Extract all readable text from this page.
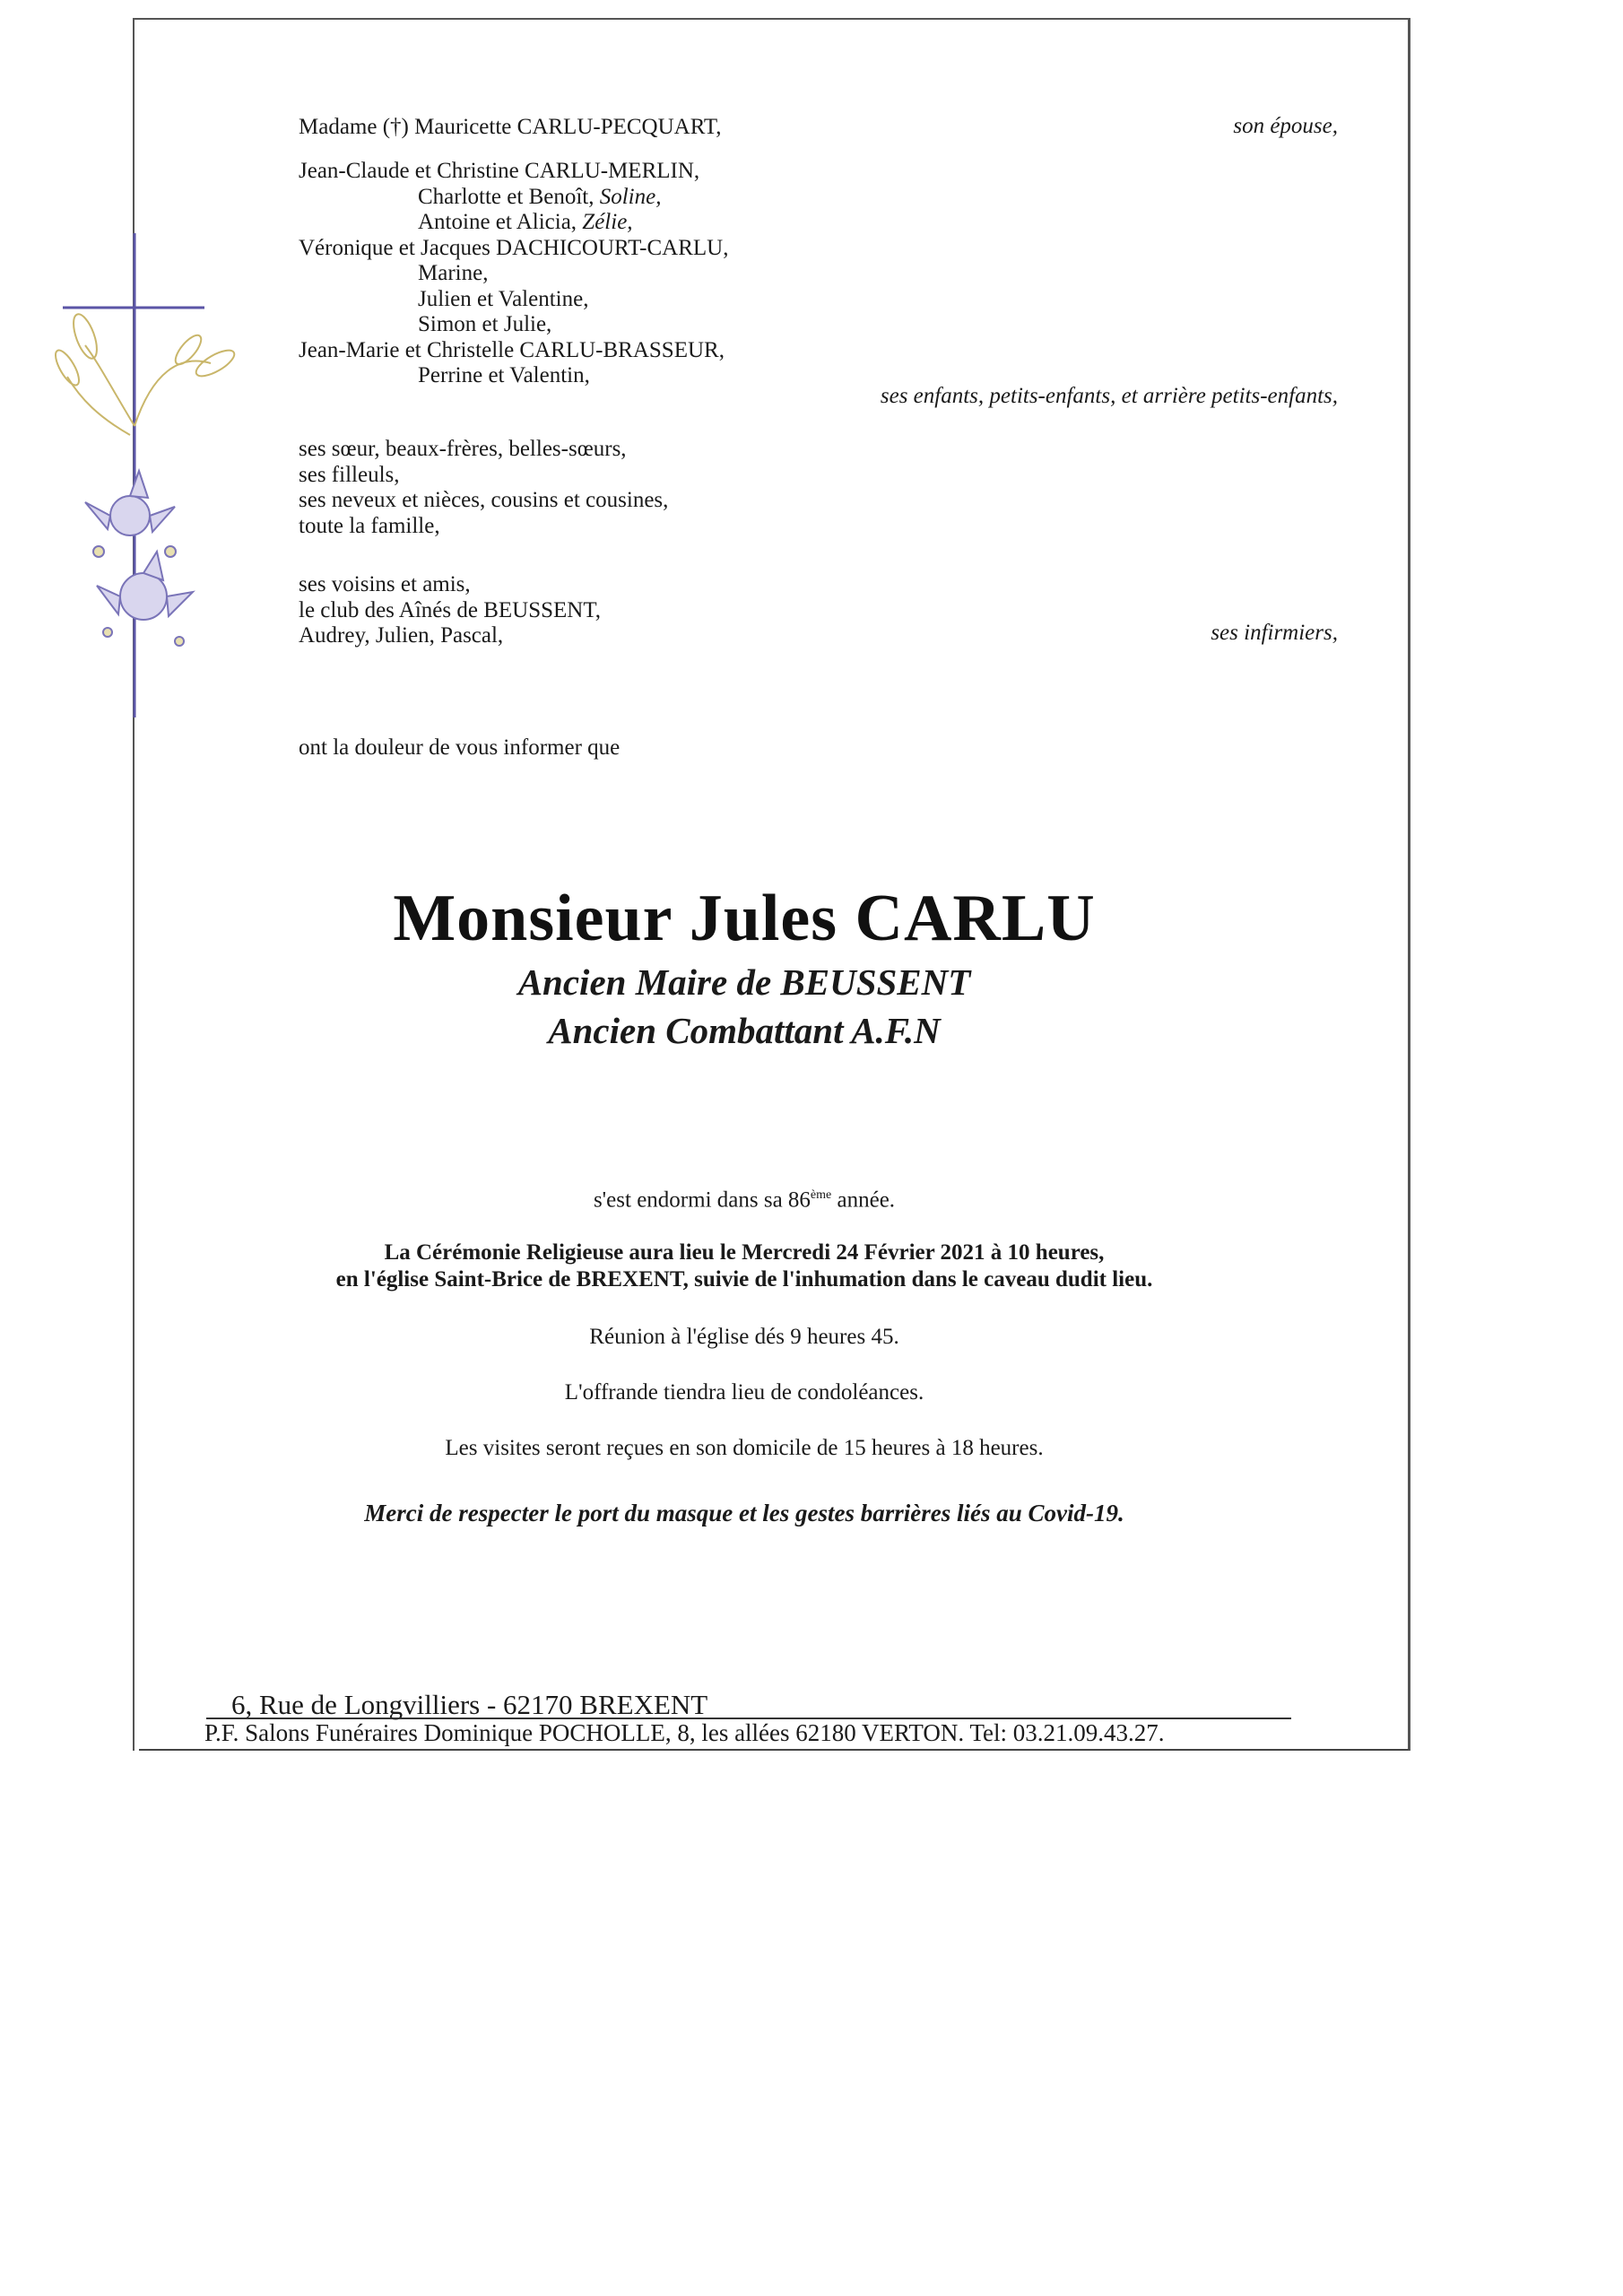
Madame (†) Mauricette CARLU-PECQUART,	son épouse,
Jean-Claude et Christine CARLU-MERLIN,
Charlotte et Benoît, Soline,
Antoine et Alicia, Zélie,
Véronique et Jacques DACHICOURT-CARLU,
Marine,
Julien et Valentine,
Simon et Julie,
Jean-Marie et Christelle CARLU-BRASSEUR,
Perrine et Valentin,
ses enfants, petits-enfants, et arrière petits-enfants,
ses sœur, beaux-frères, belles-sœurs,
ses filleuls,
ses neveux et nièces, cousins et cousines,
toute la famille,
ses voisins et amis,
le club des Aînés de BEUSSENT,
Audrey, Julien, Pascal,	ses infirmiers,
ont la douleur de vous informer que
Monsieur Jules CARLU
Ancien Maire de BEUSSENT
Ancien Combattant A.F.N
s'est endormi dans sa 86ème année.
La Cérémonie Religieuse aura lieu le Mercredi 24 Février 2021 à 10 heures,
en l'église Saint-Brice de BREXENT, suivie de l'inhumation dans le caveau dudit lieu.
Réunion à l'église dés 9 heures 45.
L'offrande tiendra lieu de condoléances.
Les visites seront reçues en son domicile de 15 heures à 18 heures.
Merci de respecter le port du masque et les gestes barrières liés au Covid-19.
6, Rue de Longvilliers - 62170 BREXENT
P.F. Salons Funéraires Dominique POCHOLLE, 8, les allées 62180 VERTON. Tel: 03.21.09.43.27.
